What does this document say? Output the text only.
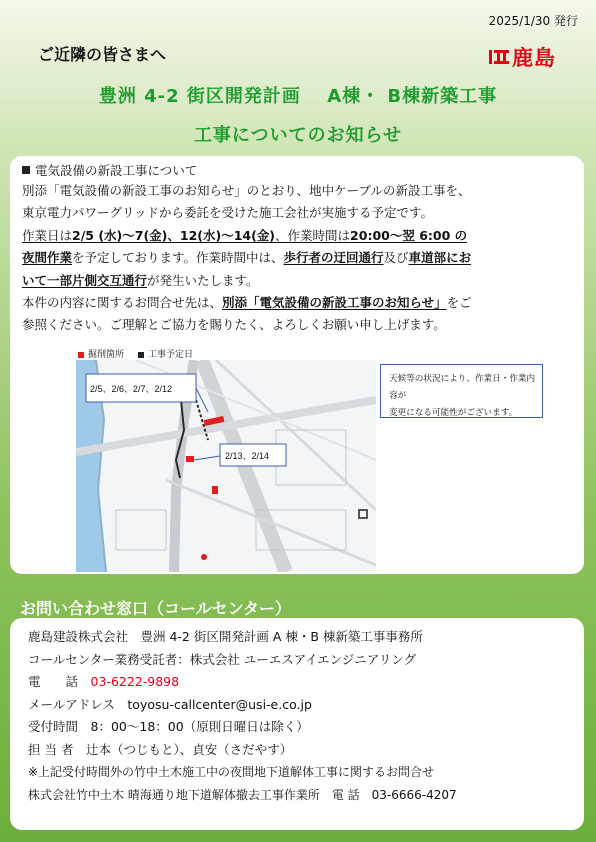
2025/1/30 発行
ご近隣の皆さまへ	鹿島
豊洲 4-2 街区開発計画　 A棟・ B棟新築工事
工事についてのお知らせ
電気設備の新設工事について

別添「電気設備の新設工事のお知らせ」のとおり、地中ケーブルの新設工事を、

東京電力パワーグリッドから委託を受けた施工会社が実施する予定です。

作業日は2/5 (水)～7(金)、12(水)～14(金)、作業時間は20:00～翌 6:00 の

夜間作業を予定しております。作業時間中は、歩行者の迂回通行及び車道部にお

いて一部片側交互通行が発生いたします。

本件の内容に関するお問合せ先は、別添「電気設備の新設工事のお知らせ」をご

参照ください。ご理解とご協力を賜りたく、よろしくお願い申し上げます。

掘削箇所	工事予定日
2/5、2/6、2/7、2/12
2/13、2/14
天候等の状況により、作業日・作業内容が
変更になる可能性がございます。
お問い合わせ窓口（コールセンター）
鹿島建設株式会社　豊洲 4-2 街区開発計画 A 棟・B 棟新築工事事務所
コールセンター業務受託者：株式会社 ユーエスアイエンジニアリング
電　　話　 03-6222-9898
メールアドレス　 toyosu-callcenter@usi-e.co.jp
受付時間　 8：00～18：00（原則日曜日は除く）
担 当 者　 辻本（つじもと）、貞安（さだやす）
※上記受付時間外の竹中土木施工中の夜間地下道解体工事に関するお問合せ
株式会社竹中土木 晴海通り地下道解体撤去工事作業所　電 話　 03-6666-4207
